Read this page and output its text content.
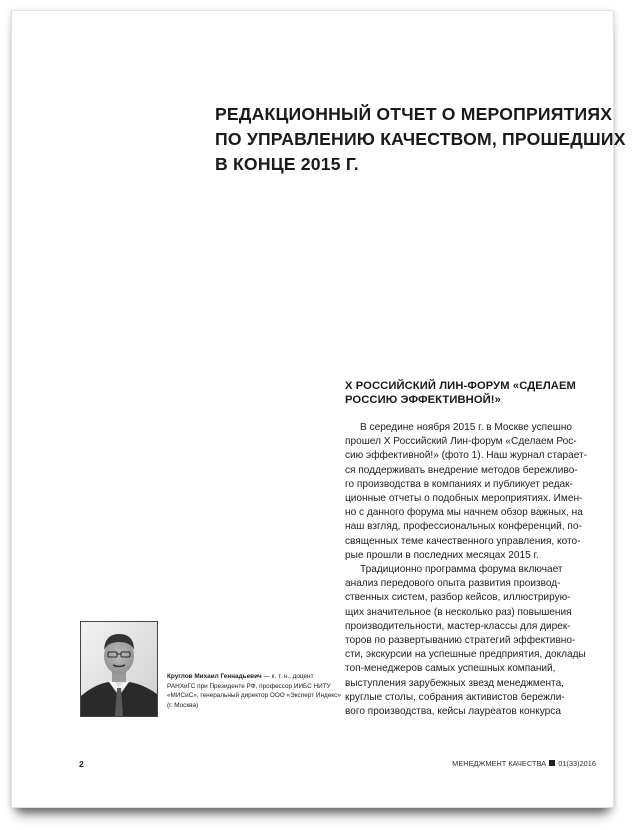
РЕДАКЦИОННЫЙ ОТЧЕТ О МЕРОПРИЯТИЯХ
ПО УПРАВЛЕНИЮ КАЧЕСТВОМ, ПРОШЕДШИХ
В КОНЦЕ 2015 Г.
X РОССИЙСКИЙ ЛИН-ФОРУМ «СДЕЛАЕМ
РОССИЮ ЭФФЕКТИВНОЙ!»
В середине ноября 2015 г. в Москве успешно
прошел X Российский Лин-форум «Сделаем Рос-
сию эффективной!» (фото 1). Наш журнал старает-
ся поддерживать внедрение методов бережливо-
го производства в компаниях и публикует редак-
ционные отчеты о подобных мероприятиях. Имен-
но с данного форума мы начнем обзор важных, на
наш взгляд, профессиональных конференций, по-
священных теме качественного управления, кото-
рые прошли в последних месяцах 2015 г.
Традиционно программа форума включает
анализ передового опыта развития производ-
ственных систем, разбор кейсов, иллюстрирую-
щих значительное (в несколько раз) повышения
производительности, мастер-классы для дирек-
торов по развертыванию стратегий эффективно-
сти, экскурсии на успешные предприятия, доклады
топ-менеджеров самых успешных компаний,
выступления зарубежных звезд менеджмента,
круглые столы, собрания активистов бережли-
вого производства, кейсы лауреатов конкурса
Круглов Михаил Геннадьевич — к. т. н., доцент
РАНХиГС при Президенте РФ, профессор ИИБС НИТУ
«МИСиС», генеральный директор ООО «Эксперт Индекс»
(г. Москва)
2	МЕНЕДЖМЕНТ КАЧЕСТВА 01(33)2016
